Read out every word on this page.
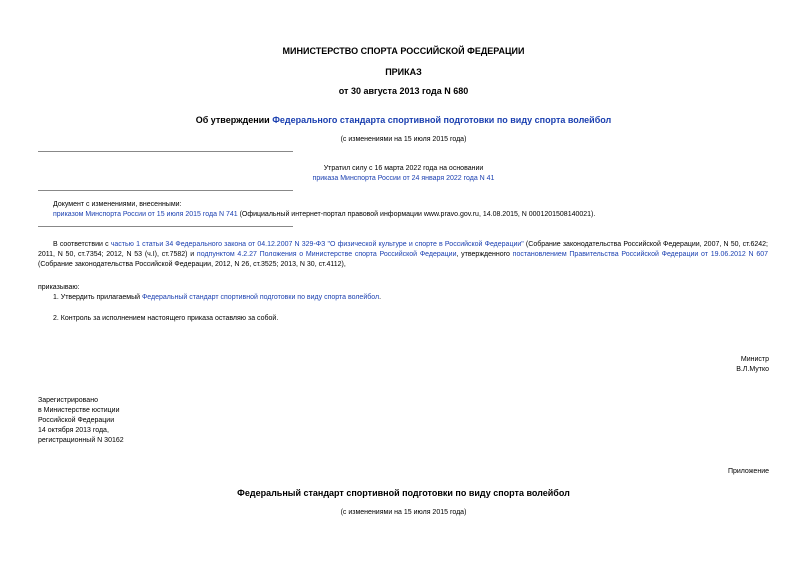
МИНИСТЕРСТВО СПОРТА РОССИЙСКОЙ ФЕДЕРАЦИИ
ПРИКАЗ
от 30 августа 2013 года N 680
Об утверждении Федерального стандарта спортивной подготовки по виду спорта волейбол
(с изменениями на 15 июля 2015 года)
Утратил силу с 16 марта 2022 года на основании
приказа Минспорта России от 24 января 2022 года N 41
Документ с изменениями, внесенными:
приказом Минспорта России от 15 июля 2015 года N 741 (Официальный интернет-портал правовой информации www.pravo.gov.ru, 14.08.2015, N 0001201508140021).
В соответствии с частью 1 статьи 34 Федерального закона от 04.12.2007 N 329-ФЗ "О физической культуре и спорте в Российской Федерации" (Собрание законодательства Российской Федерации, 2007, N 50, ст.6242; 2011, N 50, ст.7354; 2012, N 53 (ч.I), ст.7582) и подпунктом 4.2.27 Положения о Министерстве спорта Российской Федерации, утвержденного постановлением Правительства Российской Федерации от 19.06.2012 N 607 (Собрание законодательства Российской Федерации, 2012, N 26, ст.3525; 2013, N 30, ст.4112),
приказываю:
1. Утвердить прилагаемый Федеральный стандарт спортивной подготовки по виду спорта волейбол.
2. Контроль за исполнением настоящего приказа оставляю за собой.
Министр
В.Л.Мутко
Зарегистрировано
в Министерстве юстиции
Российской Федерации
14 октября 2013 года,
регистрационный N 30162
Приложение
Федеральный стандарт спортивной подготовки по виду спорта волейбол
(с изменениями на 15 июля 2015 года)
